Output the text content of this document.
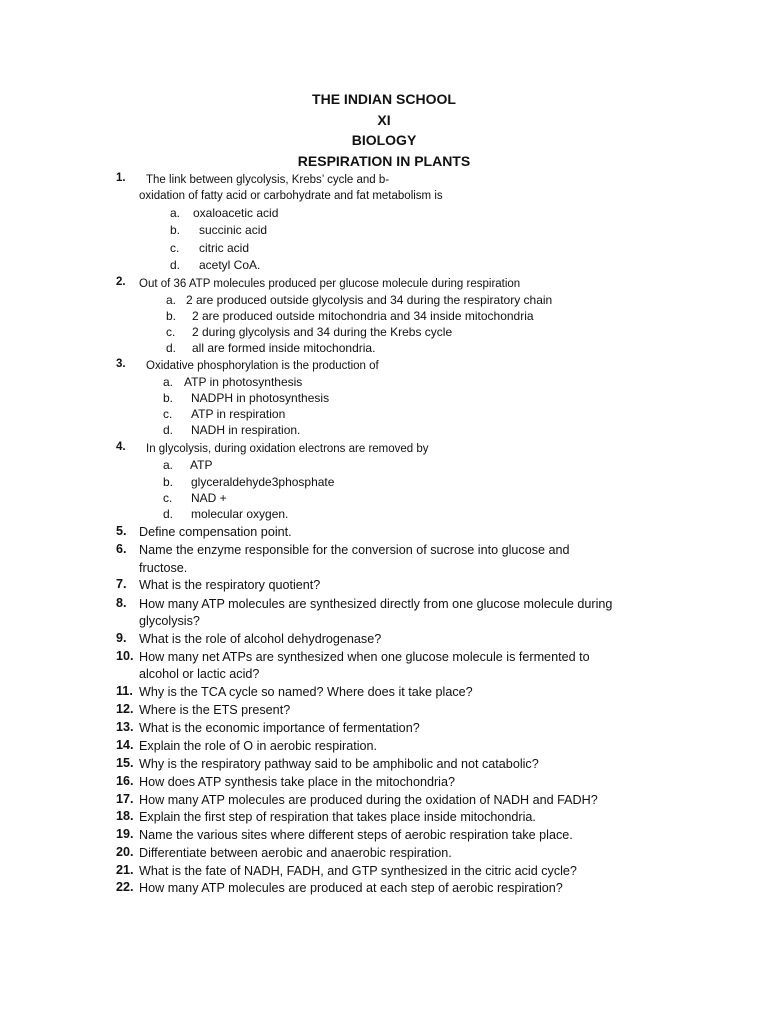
THE INDIAN SCHOOL
XI
BIOLOGY
RESPIRATION IN PLANTS
1. The link between glycolysis, Krebs’ cycle and b-
oxidation of fatty acid or carbohydrate and fat metabolism is
a. oxaloacetic acid
b. succinic acid
c. citric acid
d. acetyl CoA.
2. Out of 36 ATP molecules produced per glucose molecule during respiration
a. 2 are produced outside glycolysis and 34 during the respiratory chain
b. 2 are produced outside mitochondria and 34 inside mitochondria
c. 2 during glycolysis and 34 during the Krebs cycle
d. all are formed inside mitochondria.
3. Oxidative phosphorylation is the production of
a. ATP in photosynthesis
b. NADPH in photosynthesis
c. ATP in respiration
d. NADH in respiration.
4. In glycolysis, during oxidation electrons are removed by
a. ATP
b. glyceraldehyde3phosphate
c. NAD +
d. molecular oxygen.
5. Define compensation point.
6. Name the enzyme responsible for the conversion of sucrose into glucose and
fructose.
7. What is the respiratory quotient?
8. How many ATP molecules are synthesized directly from one glucose molecule during
glycolysis?
9. What is the role of alcohol dehydrogenase?
10. How many net ATPs are synthesized when one glucose molecule is fermented to
alcohol or lactic acid?
11. Why is the TCA cycle so named? Where does it take place?
12. Where is the ETS present?
13. What is the economic importance of fermentation?
14. Explain the role of O in aerobic respiration.
15. Why is the respiratory pathway said to be amphibolic and not catabolic?
16. How does ATP synthesis take place in the mitochondria?
17. How many ATP molecules are produced during the oxidation of NADH and FADH?
18. Explain the first step of respiration that takes place inside mitochondria.
19. Name the various sites where different steps of aerobic respiration take place.
20. Differentiate between aerobic and anaerobic respiration.
21. What is the fate of NADH, FADH, and GTP synthesized in the citric acid cycle?
22. How many ATP molecules are produced at each step of aerobic respiration?
